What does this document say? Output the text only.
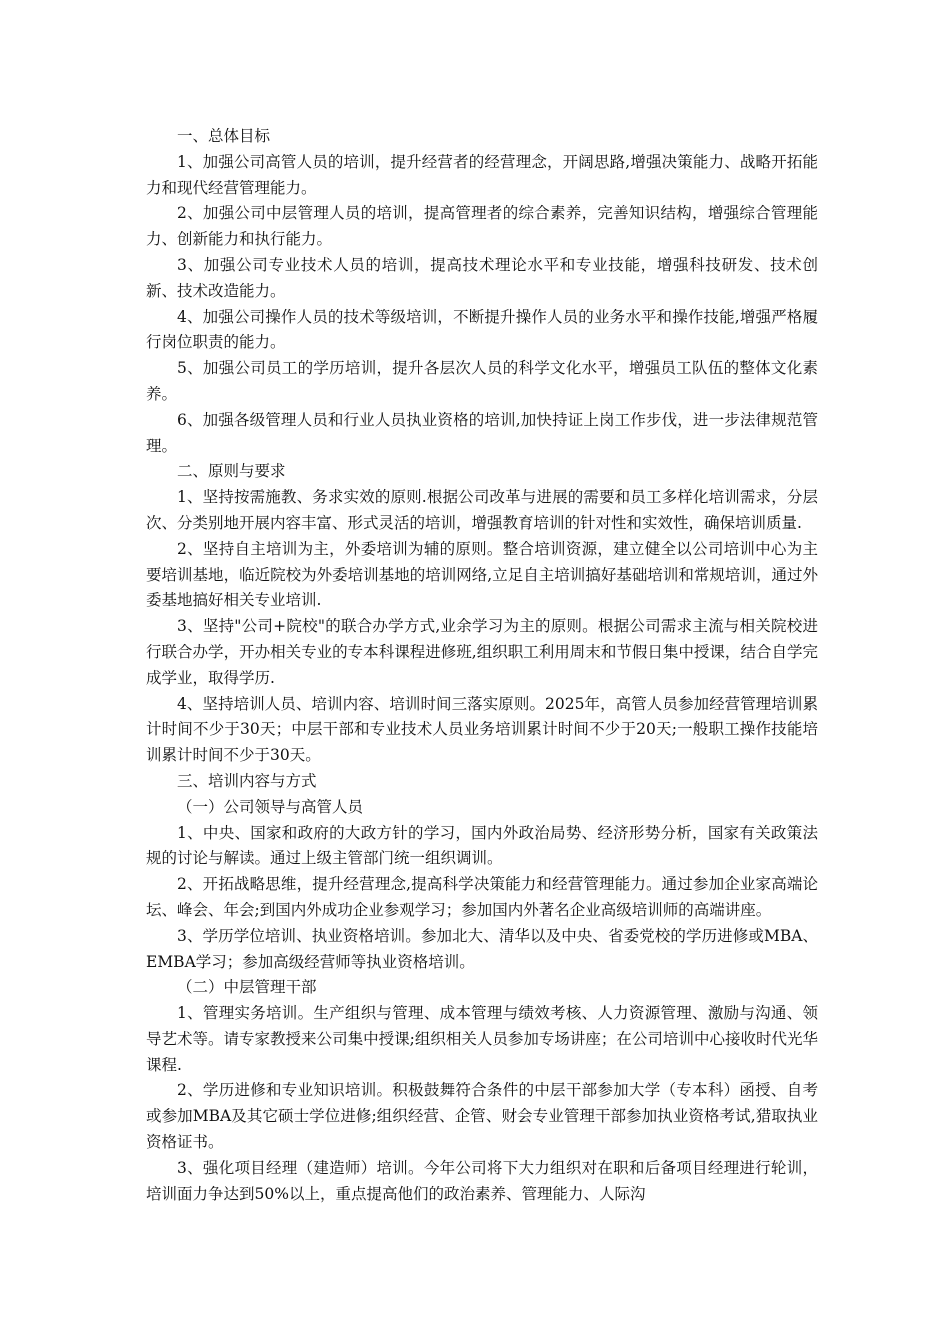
一、总体目标

1、加强公司高管人员的培训，提升经营者的经营理念，开阔思路,增强决策能力、战略开拓能力和现代经营管理能力。

2、加强公司中层管理人员的培训，提高管理者的综合素养，完善知识结构，增强综合管理能力、创新能力和执行能力。

3、加强公司专业技术人员的培训，提高技术理论水平和专业技能，增强科技研发、技术创新、技术改造能力。

4、加强公司操作人员的技术等级培训，不断提升操作人员的业务水平和操作技能,增强严格履行岗位职责的能力。

5、加强公司员工的学历培训，提升各层次人员的科学文化水平，增强员工队伍的整体文化素养。

6、加强各级管理人员和行业人员执业资格的培训,加快持证上岗工作步伐，进一步法律规范管理。

二、原则与要求

1、坚持按需施教、务求实效的原则.根据公司改革与进展的需要和员工多样化培训需求，分层次、分类别地开展内容丰富、形式灵活的培训，增强教育培训的针对性和实效性，确保培训质量.

2、坚持自主培训为主，外委培训为辅的原则。整合培训资源，建立健全以公司培训中心为主要培训基地，临近院校为外委培训基地的培训网络,立足自主培训搞好基础培训和常规培训，通过外委基地搞好相关专业培训.

3、坚持"公司+院校"的联合办学方式,业余学习为主的原则。根据公司需求主流与相关院校进行联合办学，开办相关专业的专本科课程进修班,组织职工利用周末和节假日集中授课，结合自学完成学业，取得学历.

4、坚持培训人员、培训内容、培训时间三落实原则。2025年，高管人员参加经营管理培训累计时间不少于30天；中层干部和专业技术人员业务培训累计时间不少于20天;一般职工操作技能培训累计时间不少于30天。

三、培训内容与方式

（一）公司领导与高管人员

1、中央、国家和政府的大政方针的学习，国内外政治局势、经济形势分析，国家有关政策法规的讨论与解读。通过上级主管部门统一组织调训。

2、开拓战略思维，提升经营理念,提高科学决策能力和经营管理能力。通过参加企业家高端论坛、峰会、年会;到国内外成功企业参观学习；参加国内外著名企业高级培训师的高端讲座。

3、学历学位培训、执业资格培训。参加北大、清华以及中央、省委党校的学历进修或MBA、EMBA学习；参加高级经营师等执业资格培训。

（二）中层管理干部

1、管理实务培训。生产组织与管理、成本管理与绩效考核、人力资源管理、激励与沟通、领导艺术等。请专家教授来公司集中授课;组织相关人员参加专场讲座；在公司培训中心接收时代光华课程.

2、学历进修和专业知识培训。积极鼓舞符合条件的中层干部参加大学（专本科）函授、自考或参加MBA及其它硕士学位进修;组织经营、企管、财会专业管理干部参加执业资格考试,猎取执业资格证书。

3、强化项目经理（建造师）培训。今年公司将下大力组织对在职和后备项目经理进行轮训，培训面力争达到50%以上，重点提高他们的政治素养、管理能力、人际沟
